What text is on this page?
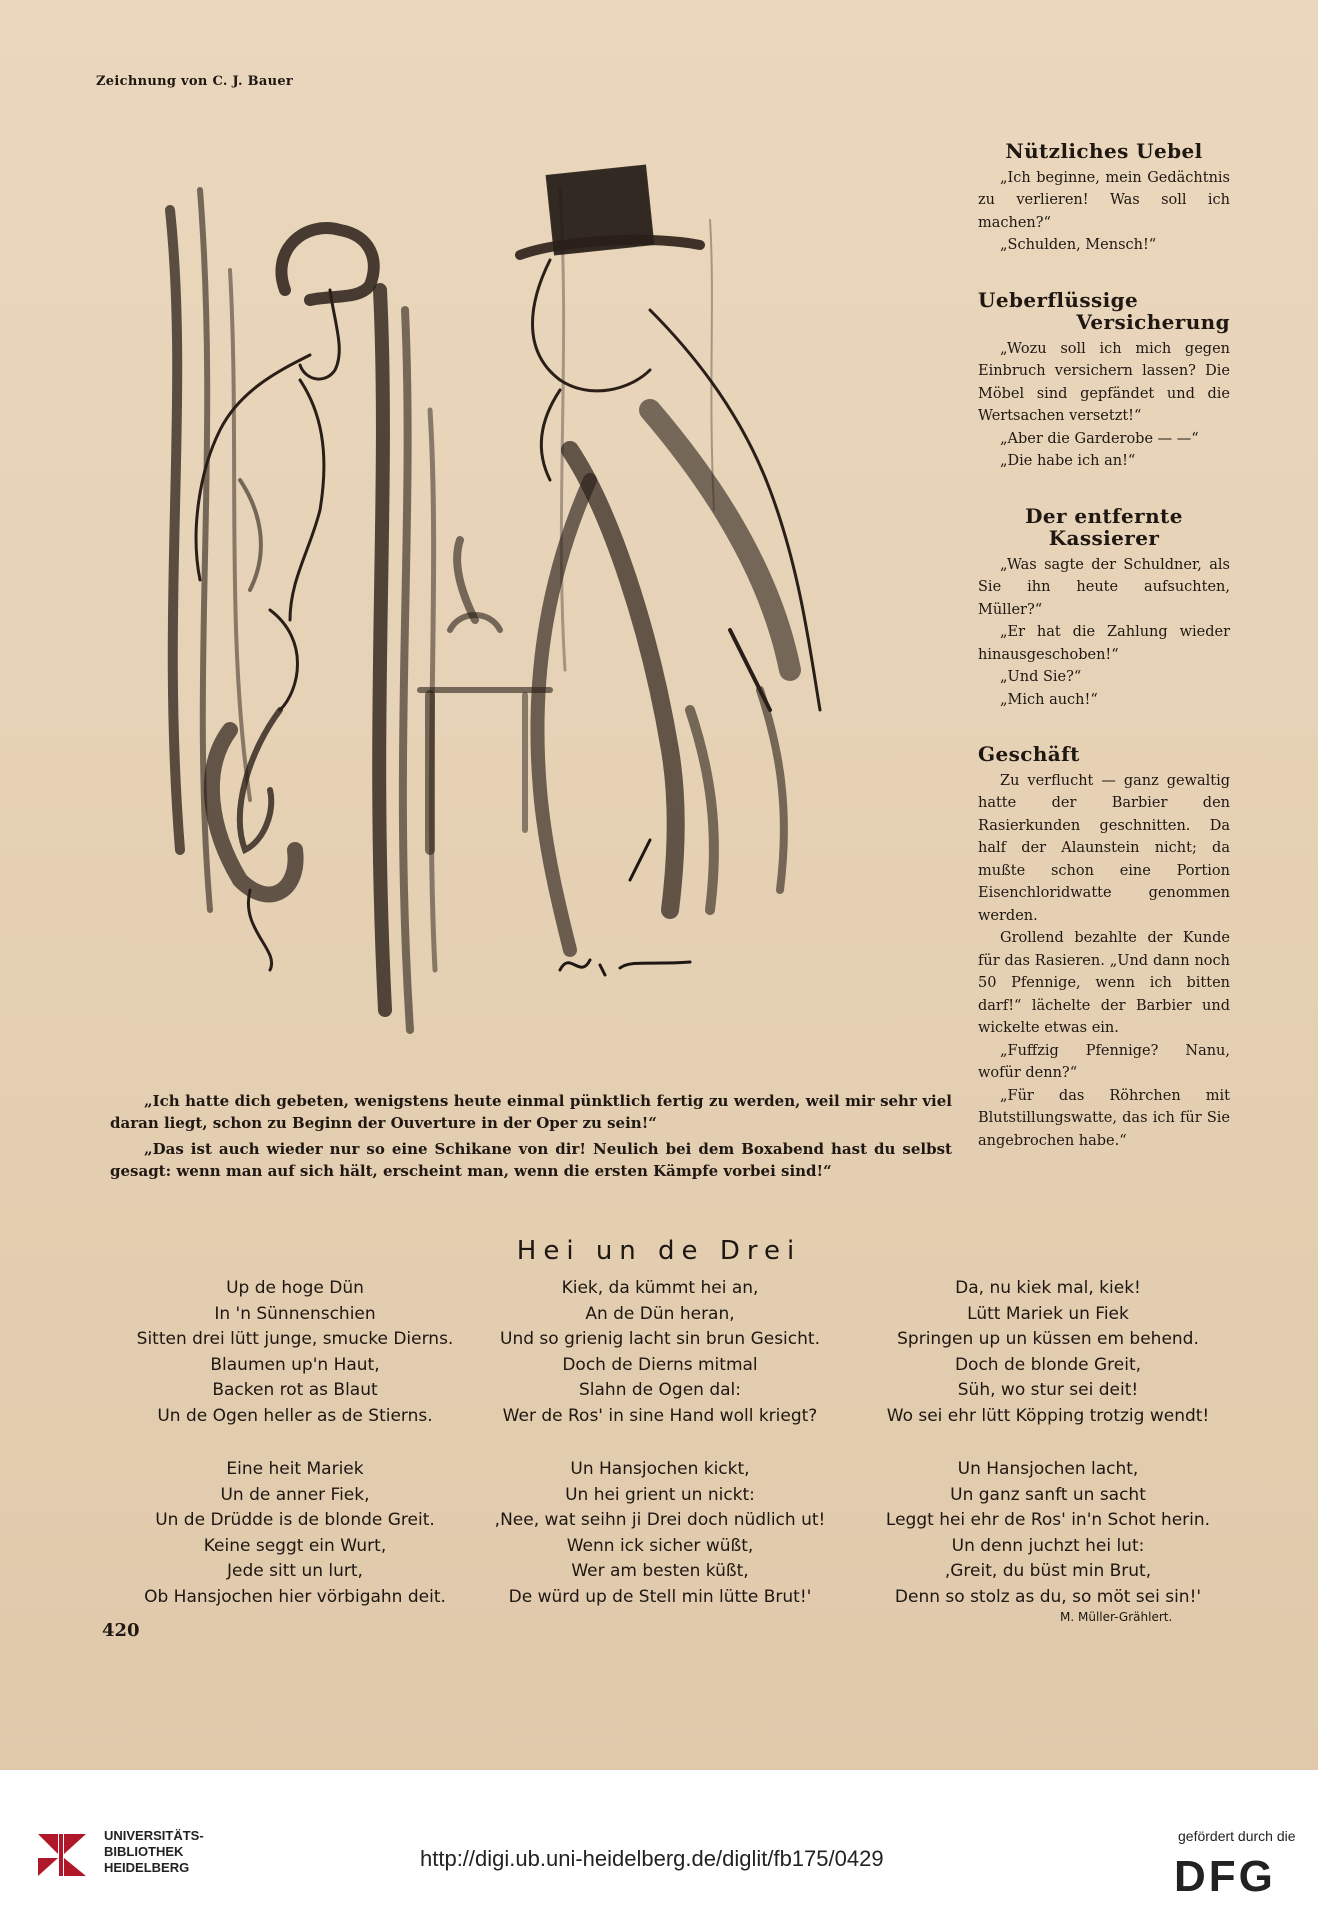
Zeichnung von C. J. Bauer

„Ich hatte dich gebeten, wenigstens heute einmal pünktlich fertig zu werden, weil mir sehr viel daran liegt, schon zu Beginn der Ouverture in der Oper zu sein!“

„Das ist auch wieder nur so eine Schikane von dir! Neulich bei dem Boxabend hast du selbst gesagt: wenn man auf sich hält, erscheint man, wenn die ersten Kämpfe vorbei sind!“

Nützliches Uebel

„Ich beginne, mein Gedächtnis zu verlieren! Was soll ich machen?“

„Schulden, Mensch!“

Ueberflüssige
Versicherung

„Wozu soll ich mich gegen Einbruch versichern lassen? Die Möbel sind gepfändet und die Wertsachen versetzt!“

„Aber die Garderobe — —“

„Die habe ich an!“

Der entfernte Kassierer

„Was sagte der Schuldner, als Sie ihn heute aufsuchten, Müller?“

„Er hat die Zahlung wieder hinausgeschoben!“

„Und Sie?“

„Mich auch!“

Geschäft

Zu verflucht — ganz gewaltig hatte der Barbier den Rasierkunden geschnitten. Da half der Alaunstein nicht; da mußte schon eine Portion Eisenchloridwatte genommen werden.

Grollend bezahlte der Kunde für das Rasieren. „Und dann noch 50 Pfennige, wenn ich bitten darf!“ lächelte der Barbier und wickelte etwas ein.

„Fuffzig Pfennige? Nanu, wofür denn?“

„Für das Röhrchen mit Blutstillungswatte, das ich für Sie angebrochen habe.“

Hei un de Drei
Up de hoge Dün
In 'n Sünnenschien
Sitten drei lütt junge, smucke Dierns.
Blaumen up'n Haut,
Backen rot as Blaut
Un de Ogen heller as de Stierns.
Eine heit Mariek
Un de anner Fiek,
Un de Drüdde is de blonde Greit.
Keine seggt ein Wurt,
Jede sitt un lurt,
Ob Hansjochen hier vörbigahn deit.
Kiek, da kümmt hei an,
An de Dün heran,
Und so grienig lacht sin brun Gesicht.
Doch de Dierns mitmal
Slahn de Ogen dal:
Wer de Ros' in sine Hand woll kriegt?
Un Hansjochen kickt,
Un hei grient un nickt:
,Nee, wat seihn ji Drei doch nüdlich ut!
Wenn ick sicher wüßt,
Wer am besten küßt,
De würd up de Stell min lütte Brut!'
Da, nu kiek mal, kiek!
Lütt Mariek un Fiek
Springen up un küssen em behend.
Doch de blonde Greit,
Süh, wo stur sei deit!
Wo sei ehr lütt Köpping trotzig wendt!
Un Hansjochen lacht,
Un ganz sanft un sacht
Leggt hei ehr de Ros' in'n Schot herin.
Un denn juchzt hei lut:
,Greit, du büst min Brut,
Denn so stolz as du, so möt sei sin!'
M. Müller-Grählert.
420
UNIVERSITÄTS-
BIBLIOTHEK
HEIDELBERG	http://digi.ub.uni-heidelberg.de/diglit/fb175/0429
gefördert durch die
DFG
